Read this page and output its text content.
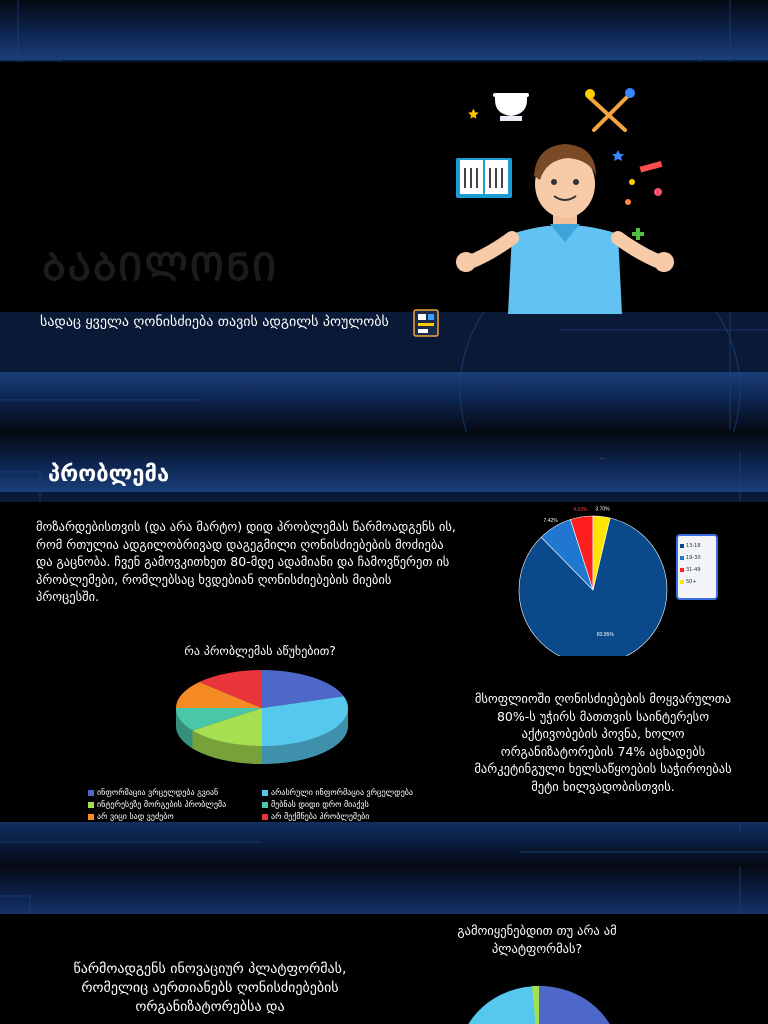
ᲑᲐᲑᲘᲚᲝᲜᲘ
სადაც ყველა ღონისძიება თავის ადგილს პოულობს
...
პრობლემა

მოზარდებისთვის (და არა მარტო) დიდ პრობლემას წარმოადგენს ის, რომ რთულია ადგილობრივად დაგეგმილი ღონისძიებების მოძიება და გაცნობა. ჩვენ გამოვკითხეთ 80-მდე ადამიანი და ჩამოვწერეთ ის პრობლემები, რომლებსაც ხვდებიან ღონისძიებების მიების პროცესში.

83.95%
7.42%
4.93% 3.70%
13-18
19-30
31-49
50+
რა პრობლემას აწუხებით?
ინფორმაცია ვრცელდება გვიან	არასრული ინფორმაცია ვრცელდება
ინტერესეზე მორგების პრობლემა	მებნას დიდი დრო მიაქვს
არ ვიცი სად ვეძებო	არ მექმნება პრობლემები

მსოფლიოში ღონისძიებების მოყვარულთა 80%-ს უჭირს მათთვის საინტერესო აქტივობების პოვნა, ხოლო ორგანიზატორების 74% აცხადებს მარკეტინგული ხელსაწყოების საჭიროებას მეტი ხილვადობისთვის.

გამოიყენებდით თუ არა ამ პლატფორმას?

წარმოადგენს ინოვაციურ პლატფორმას, რომელიც აერთიანებს ღონისძიებების ორგანიზატორებსა და
